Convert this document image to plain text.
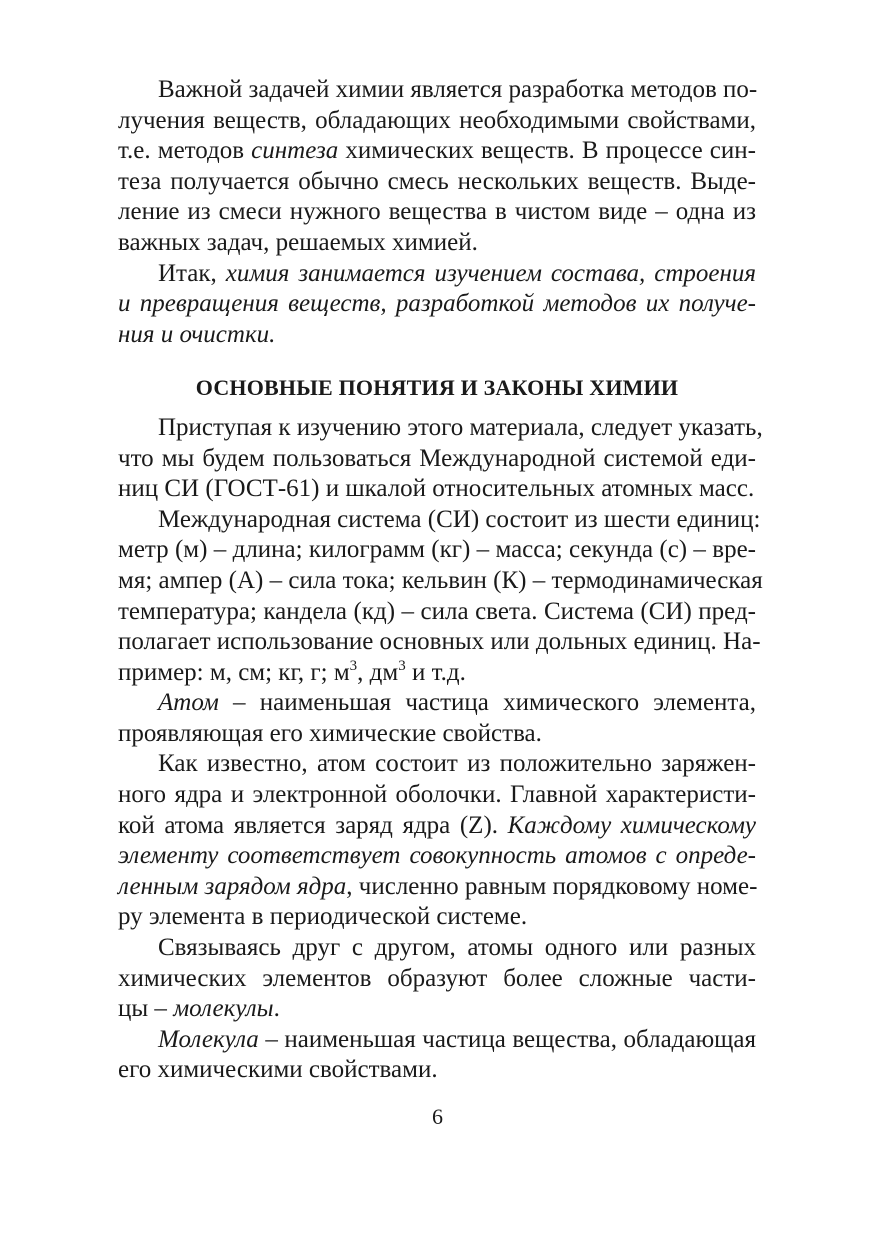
Важной задачей химии является разработка методов по-
лучения веществ, обладающих необходимыми свойствами,
т.е. методов синтеза химических веществ. В процессе син-
теза получается обычно смесь нескольких веществ. Выде-
ление из смеси нужного вещества в чистом виде – одна из
важных задач, решаемых химией.
Итак, химия занимается изучением состава, строения
и превращения веществ, разработкой методов их получе-
ния и очистки.
ОСНОВНЫЕ ПОНЯТИЯ И ЗАКОНЫ ХИМИИ
Приступая к изучению этого материала, следует указать,
что мы будем пользоваться Международной системой еди-
ниц СИ (ГОСТ-61) и шкалой относительных атомных масс.
Международная система (СИ) состоит из шести единиц:
метр (м) – длина; килограмм (кг) – масса; секунда (с) – вре-
мя; ампер (А) – сила тока; кельвин (К) – термодинамическая
температура; кандела (кд) – сила света. Система (СИ) пред-
полагает использование основных или дольных единиц. На-
пример: м, см; кг, г; $м^3$, $дм^3$ и т.д.
Атом – наименьшая частица химического элемента,
проявляющая его химические свойства.
Как известно, атом состоит из положительно заряжен-
ного ядра и электронной оболочки. Главной характеристи-
кой атома является заряд ядра (Z). Каждому химическому
элементу соответствует совокупность атомов с опреде-
ленным зарядом ядра, численно равным порядковому номе-
ру элемента в периодической системе.
Связываясь друг с другом, атомы одного или разных
химических элементов образуют более сложные части-
цы – молекулы.
Молекула – наименьшая частица вещества, обладающая
его химическими свойствами.
6
